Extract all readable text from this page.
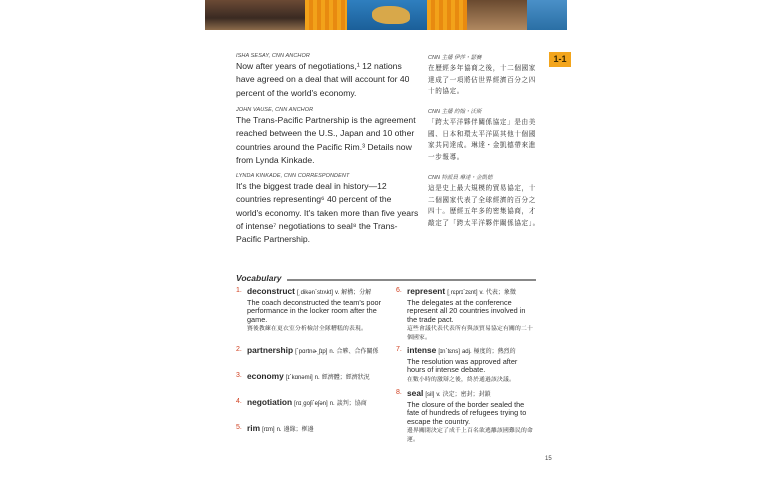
1-1

ISHA SESAY, CNN ANCHOR

Now after years of negotiations,¹ 12 nations have agreed on a deal that will account for 40 percent of the world's economy.

JOHN VAUSE, CNN ANCHOR

The Trans-Pacific Partnership is the agreement reached between the U.S., Japan and 10 other countries around the Pacific Rim.³ Details now from Lynda Kinkade.

LYNDA KINKADE, CNN CORRESPONDENT

It's the biggest trade deal in history—12 countries representing⁶ 40 percent of the world's economy. It's taken more than five years of intense⁷ negotiations to seal⁸ the Trans-Pacific Partnership.

CNN 主播 伊莎・瑟賽

在歷經多年協商之後，十二個國家達成了一項將佔世界經濟百分之四十的協定。

CNN 主播 約翰・沃斯

「跨太平洋夥伴關係協定」是由美國、日本和環太平洋區其他十個國家共同達成。琳達・金凱德帶來進一步報導。

CNN 特派員 琳達・金凱德

這是史上最大規模的貿易協定，十二個國家代表了全球經濟的百分之四十。歷經五年多的密集協商，才敲定了「跨太平洋夥伴關係協定」。

Vocabulary
1. deconstruct [ˌdikənˋstrʌkt] v. 解構；分解

The coach deconstructed the team's poor performance in the locker room after the game.

賽後教練在更衣室分析檢討全隊糟糕的表現。

2. partnership [ˋpɑrtnɚˌʃɪp] n. 合夥、合作關係
3. economy [ɪˋkɑnəmi] n. 經濟體；經濟狀況
4. negotiation [nɪˌgoʃiˋeʃən] n. 談判；協商
5. rim [rɪm] n. 邊緣；框邊
6. represent [ˌrɛprɪˋzɛnt] v. 代表；象徵

The delegates at the conference represent all 20 countries involved in the trade pact.

這些會議代表代表所有與該貿易協定有關的二十個國家。

7. intense [ɪnˋtɛns] adj. 極度的；熱烈的

The resolution was approved after hours of intense debate.

在數小時的激辯之後，終於通過該決議。

8. seal [sil] v. 決定；密封；封鎖

The closure of the border sealed the fate of hundreds of refugees trying to escape the country.

邊界關閉決定了成千上百名欲逃離該國難民的命運。

15
